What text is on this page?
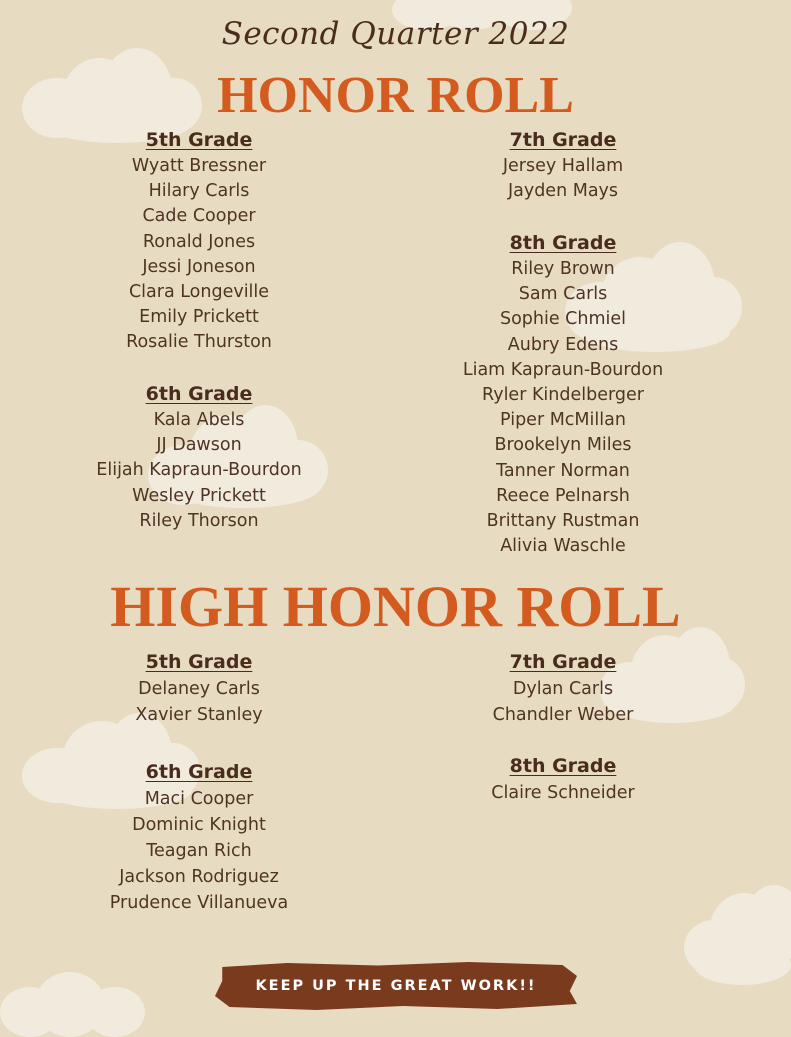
Second Quarter 2022
HONOR ROLL
5th Grade
Wyatt Bressner
Hilary Carls
Cade Cooper
Ronald Jones
Jessi Joneson
Clara Longeville
Emily Prickett
Rosalie Thurston
6th Grade
Kala Abels
JJ Dawson
Elijah Kapraun-Bourdon
Wesley Prickett
Riley Thorson
7th Grade
Jersey Hallam
Jayden Mays
8th Grade
Riley Brown
Sam Carls
Sophie Chmiel
Aubry Edens
Liam Kapraun-Bourdon
Ryler Kindelberger
Piper McMillan
Brookelyn Miles
Tanner Norman
Reece Pelnarsh
Brittany Rustman
Alivia Waschle
HIGH HONOR ROLL
5th Grade
Delaney Carls
Xavier Stanley
6th Grade
Maci Cooper
Dominic Knight
Teagan Rich
Jackson Rodriguez
Prudence Villanueva
7th Grade
Dylan Carls
Chandler Weber
8th Grade
Claire Schneider
KEEP UP THE GREAT WORK!!
